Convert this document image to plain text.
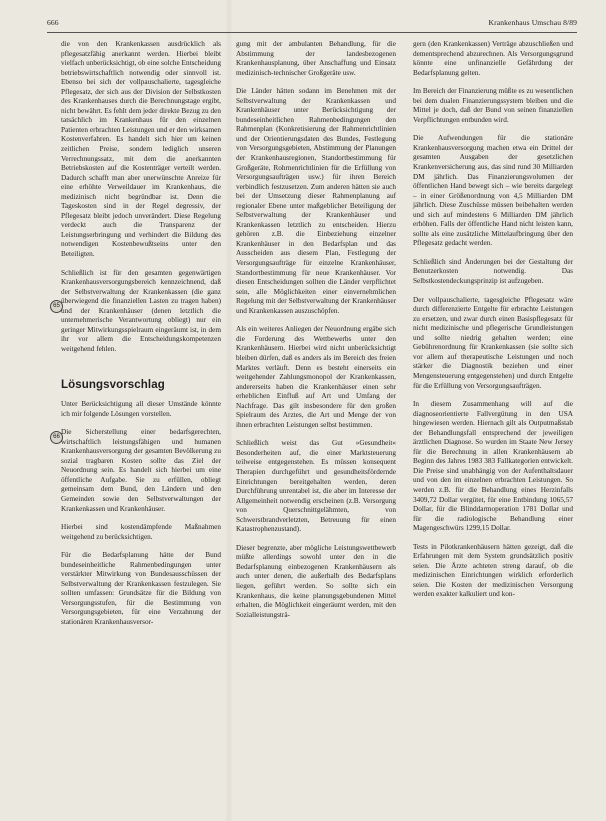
666	Krankenhaus Umschau 8/89
65
66

die von den Krankenkassen ausdrücklich als pflegesatzfähig anerkannt werden. Hierbei bleibt vielfach unberücksichtigt, ob eine solche Entscheidung betriebswirtschaftlich notwendig oder sinnvoll ist. Ebenso bei sich der vollpauschalierte, tagesgleiche Pflegesatz, der sich aus der Division der Selbstkosten des Krankenhauses durch die Berechnungstage ergibt, nicht bewährt. Es fehlt dem jeder direkte Bezug zu den tatsächlich im Krankenhaus für den einzelnen Patienten erbrachten Leistungen und er den wirksamen Kostenverfahren. Es handelt sich hier um keinen zeitlichen Preise, sondern lediglich unseren Verrechnungssatz, mit dem die anerkannten Betriebskosten auf die Kostenträger verteilt werden. Dadurch schafft man aber unerwünschte Anreize für eine erhöhte Verweildauer im Krankenhaus, die medizinisch nicht begründbar ist. Denn die Tageskosten sind in der Regel degressiv, der Pflegesatz bleibt jedoch unverändert. Diese Regelung verdeckt auch die Transparenz der Leistungserbringung und verhindert die Bildung des notwendigen Kostenbewußtseins unter den Beteiligten.

Schließlich ist für den gesamten gegenwärtigen Krankenhausversorgungsbereich kennzeichnend, daß der Selbstverwaltung der Krankenkassen (die ganz überwiegend die finanziellen Lasten zu tragen haben) und der Krankenhäuser (denen letztlich die unternehmerische Verantwortung obliegt) nur ein geringer Mitwirkungsspielraum eingeräumt ist, in dem ihr vor allem die Entscheidungskompetenzen weitgehend fehlen.

Lösungsvorschlag

Unter Berücksichtigung all dieser Umstände könnte ich mir folgende Lösungen vorstellen.

Die Sicherstellung einer bedarfsgerechten, wirtschaftlich leistungsfähigen und humanen Krankenhausversorgung der gesamten Bevölkerung zu sozial tragbaren Kosten sollte das Ziel der Neuordnung sein. Es handelt sich hierbei um eine öffentliche Aufgabe. Sie zu erfüllen, obliegt gemeinsam dem Bund, den Ländern und den Gemeinden sowie den Selbstverwaltungen der Krankenkassen und Krankenhäuser.

Hierbei sind kostendämpfende Maßnahmen weitgehend zu berücksichtigen.

Für die Bedarfsplanung hätte der Bund bundeseinheitliche Rahmenbedingungen unter verstärkter Mitwirkung von Bundesausschüssen der Selbstverwaltung der Krankenkassen festzulegen. Sie sollten umfassen: Grundsätze für die Bildung von Versorgungsstufen, für die Bestimmung von Versorgungsgebieten, für eine Verzahnung der stationären Krankenhausversor-

gung mit der ambulanten Behandlung, für die Abstimmung der landesbezogenen Krankenhausplanung, über Anschaffung und Einsatz medizinisch-technischer Großgeräte usw.

Die Länder hätten sodann im Benehmen mit der Selbstverwaltung der Krankenkassen und Krankenhäuser unter Berücksichtigung der bundeseinheitlichen Rahmenbedingungen den Rahmenplan (Konkretisierung der Rahmenrichtlinien und der Orientierungsdaten des Bundes, Festlegung von Versorgungsgebieten, Abstimmung der Planungen der Krankenhausregionen, Standortbestimmung für Großgeräte, Rohrnenrichtlinien für die Erfüllung von Versorgungsaufträgen usw.) für ihren Bereich verbindlich festzusetzen. Zum anderen hätten sie auch bei der Umsetzung dieser Rahmenplanung auf regionaler Ebene unter maßgeblicher Beteiligung der Selbstverwaltung der Krankenhäuser und Krankenkassen letztlich zu entscheiden. Hierzu gehören z.B. die Einbeziehung einzelner Krankenhäuser in den Bedarfsplan und das Ausscheiden aus diesem Plan, Festlegung der Versorgungsaufträge für einzelne Krankenhäuser, Standortbestimmung für neue Krankenhäuser. Vor diesen Entscheidungen sollten die Länder verpflichtet sein, alle Möglichkeiten einer einvernehmlichen Regelung mit der Selbstverwaltung der Krankenhäuser und Krankenkassen auszuschöpfen.

Als ein weiteres Anliegen der Neuordnung ergäbe sich die Forderung des Wettbewerbs unter den Krankenhäusern. Hierbei wird nicht unberücksichtigt bleiben dürfen, daß es anders als im Bereich des freien Marktes verläuft. Denn es besteht einerseits ein weitgehender Zahlungsmonopol der Krankenkassen, andererseits haben die Krankenhäuser einen sehr erheblichen Einfluß auf Art und Umfang der Nachfrage. Das gilt insbesondere für den großen Spielraum des Arztes, die Art und Menge der von ihnen erbrachten Leistungen selbst bestimmen.

Schließlich weist das Gut »Gesundheit« Besonderheiten auf, die einer Marktsteuerung teilweise entgegenstehen. Es müssen konsequent Therapien durchgeführt und gesundheitsfördernde Einrichtungen bereitgehalten werden, deren Durchführung unrentabel ist, die aber im Interesse der Allgemeinheit notwendig erscheinen (z.B. Versorgung von Querschnittgelähmten, von Schwerstbrandverletzten, Betreuung für einen Katastrophenzustand).

Dieser begrenzte, aber mögliche Leistungswettbewerb müßte allerdings sowohl unter den in die Bedarfsplanung einbezogenen Krankenhäusern als auch unter denen, die außerhalb des Bedarfsplans liegen, geführt werden. So sollte sich ein Krankenhaus, die keine planungsgebundenen Mittel erhalten, die Möglichkeit eingeräumt werden, mit den Sozialleistungsträ-

gern (den Krankenkassen) Verträge abzuschließen und dementsprechend abzurechnen. Als Versorgungsgrund könnte eine unfinanzielle Gefährdung der Bedarfsplanung gelten.

Im Bereich der Finanzierung müßte es zu wesentlichen bei dem dualen Finanzierungssystem bleiben und die Mittel je doch, daß der Bund von seinen finanziellen Verpflichtungen entbunden wird.

Die Aufwendungen für die stationäre Krankenhausversorgung machen etwa ein Drittel der gesamten Ausgaben der gesetzlichen Krankenversicherung aus, das sind rund 30 Milliarden DM jährlich. Das Finanzierungsvolumen der öffentlichen Hand bewegt sich – wie bereits dargelegt – in einer Größenordnung von 4,5 Milliarden DM jährlich. Diese Zuschüsse müssen beibehalten werden und sich auf mindestens 6 Milliarden DM jährlich erhöhen. Falls der öffentliche Hand nicht leisten kann, sollte als eine zusätzliche Mittelaufbringung über den Pflegesatz gedacht werden.

Schließlich sind Änderungen bei der Gestaltung der Benutzerkosten notwendig. Das Selbstkostendeckungsprinzip ist aufzugeben.

Der vollpauschalierte, tagesgleiche Pflegesatz wäre durch differenzierte Entgelte für erbrachte Leistungen zu ersetzen, und zwar durch einen Basispflegesatz für nicht medizinische und pflegerische Grundleistungen und sollte niedrig gehalten werden; eine Gebührenordnung für Krankenkassen (sie sollte sich vor allem auf therapeutische Leistungen und noch stärker die Diagnostik beziehen und einer Mengensteuerung entgegenstehen) und durch Entgelte für die Erfüllung von Versorgungsaufträgen.

In diesem Zusammenhang will auf die diagnoseorientierte Fallvergütung in den USA hingewiesen werden. Hiernach gilt als Outputmaßstab der Behandlungsfall entsprechend der jeweiligen ärztlichen Diagnose. So wurden im Staate New Jersey für die Berechnung in allen Krankenhäusern ab Beginn des Jahres 1983 383 Fallkategorien entwickelt. Die Preise sind unabhängig von der Aufenthaltsdauer und von den im einzelnen erbrachten Leistungen. So werden z.B. für die Behandlung eines Herzinfalls 3409,72 Dollar vergütet, für eine Entbindung 1065,57 Dollar, für die Blinddarmoperation 1781 Dollar und für die radiologische Behandlung einer Magengeschwürs 1299,15 Dollar.

Tests in Pilotkrankenhäusern hätten gezeigt, daß die Erfahrungen mit dem System grundsätzlich positiv seien. Die Ärzte achteten streng darauf, ob die medizinischen Einrichtungen wirklich erforderlich seien. Die Kosten der medizinischen Versorgung werden exakter kalkuliert und kon-
